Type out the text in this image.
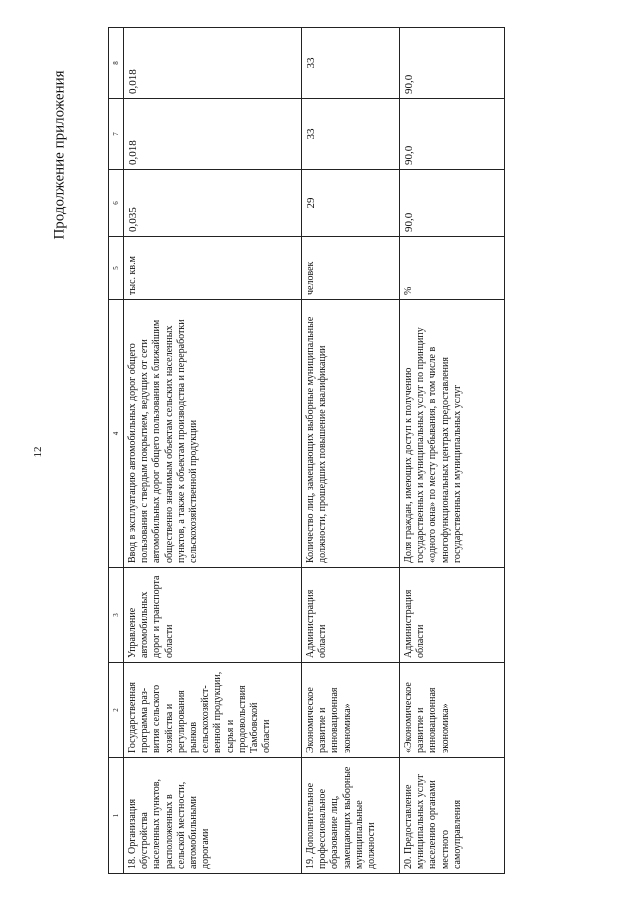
12
Продолжение приложения
1	2	3	4	5	6	7	8
18. Организация обустройства населенных пунктов, расположенных в сельской местности, автомобильными дорогами	Государственная программа раз-вития сельского хозяйства и регулирования рынков сельскохозяйст-венной продукции, сырья и продовольствия Тамбовской области	Управление автомобильных дорог и транспорта области	Ввод в эксплуатацию автомобильных дорог общего пользования с твердым покрытием, ведущих от сети автомобильных дорог общего пользования к ближайшим общественно значимым объектам сельских населенных пунктов, а также к объектам производства и переработки сельскохозяйственной продукции	тыс. кв.м	0,035	0,018	0,018
19. Дополнительное профессиональное образование лиц, замещающих выборные муниципальные должности	Экономическое развитие и инновационная экономика»	Администрация области	Количество лиц, замещающих выборные муниципальные должности, прошедших повышение квалификации	человек	29	33	33
20. Предоставление муниципальных услуг населению органами местного самоуправления	«Экономическое развитие и инновационная экономика»	Администрация области	Доля граждан, имеющих доступ к получению государственных и муниципальных услуг по принципу «одного окна» по месту пребывания, в том числе в многофункциональных центрах предоставления государственных и муниципальных услуг	%	90,0	90,0	90,0
